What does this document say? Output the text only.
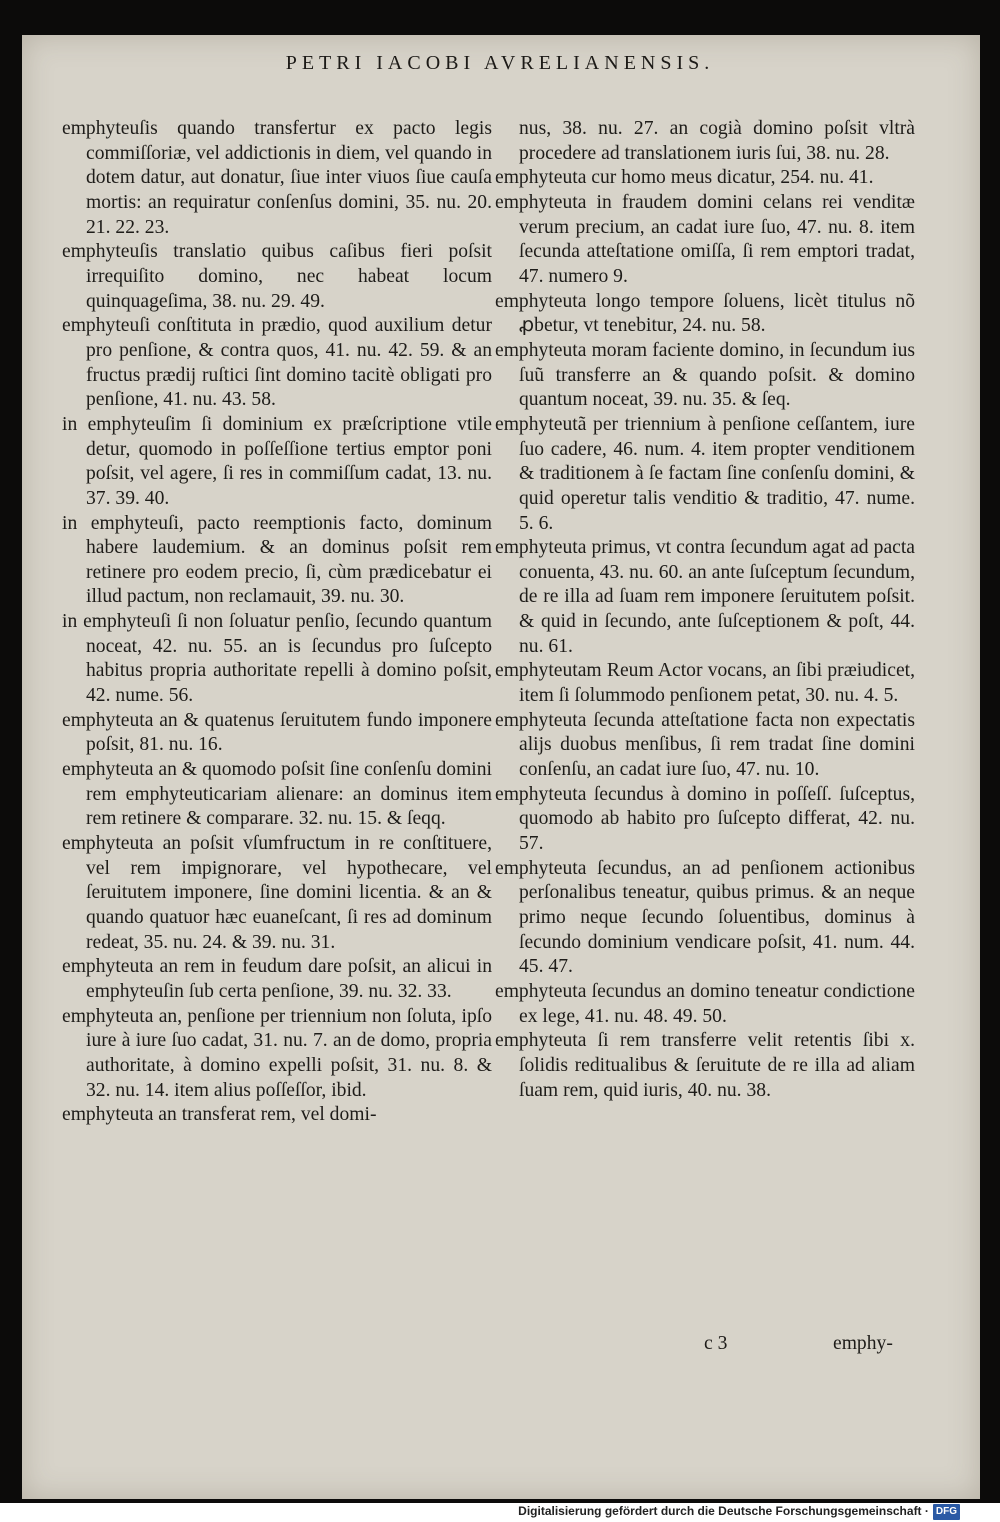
PETRI IACOBI AVRELIANENSIS.
emphyteuſis quando transfertur ex pacto legis commiſſoriæ, vel addictionis in diem, vel quando in dotem datur, aut donatur, ſiue inter viuos ſiue cauſa mortis: an requiratur conſenſus domini, 35. nu. 20. 21. 22. 23.
emphyteuſis translatio quibus caſibus fieri poſsit irrequiſito domino, nec habeat locum quinquageſima, 38. nu. 29. 49.
emphyteuſi conſtituta in prædio, quod auxilium detur pro penſione, & contra quos, 41. nu. 42. 59. & an fructus prædij ruſtici ſint domino tacitè obligati pro penſione, 41. nu. 43. 58.
in emphyteuſim ſi dominium ex præſcriptione vtile detur, quomodo in poſſeſſione tertius emptor poni poſsit, vel agere, ſi res in commiſſum cadat, 13. nu. 37. 39. 40.
in emphyteuſi, pacto reemptionis facto, dominum habere laudemium. & an dominus poſsit rem retinere pro eodem precio, ſi, cùm prædicebatur ei illud pactum, non reclamauit, 39. nu. 30.
in emphyteuſi ſi non ſoluatur penſio, ſecundo quantum noceat, 42. nu. 55. an is ſecundus pro ſuſcepto habitus propria authoritate repelli à domino poſsit, 42. nume. 56.
emphyteuta an & quatenus ſeruitutem fundo imponere poſsit, 81. nu. 16.
emphyteuta an & quomodo poſsit ſine conſenſu domini rem emphyteuticariam alienare: an dominus item rem retinere & comparare. 32. nu. 15. & ſeqq.
emphyteuta an poſsit vſumfructum in re conſtituere, vel rem impignorare, vel hypothecare, vel ſeruitutem imponere, ſine domini licentia. & an & quando quatuor hæc euaneſcant, ſi res ad dominum redeat, 35. nu. 24. & 39. nu. 31.
emphyteuta an rem in feudum dare poſsit, an alicui in emphyteuſin ſub certa penſione, 39. nu. 32. 33.
emphyteuta an, penſione per triennium non ſoluta, ipſo iure à iure ſuo cadat, 31. nu. 7. an de domo, propria authoritate, à domino expelli poſsit, 31. nu. 8. & 32. nu. 14. item alius poſſeſſor, ibid.
emphyteuta an transferat rem, vel domi-
nus, 38. nu. 27. an cogià domino poſsit vltrà procedere ad translationem iuris ſui, 38. nu. 28.
emphyteuta cur homo meus dicatur, 254. nu. 41.
emphyteuta in fraudem domini celans rei venditæ verum precium, an cadat iure ſuo, 47. nu. 8. item ſecunda atteſtatione omiſſa, ſi rem emptori tradat, 47. numero 9.
emphyteuta longo tempore ſoluens, licèt titulus nõ ꝓbetur, vt tenebitur, 24. nu. 58.
emphyteuta moram faciente domino, in ſecundum ius ſuũ transferre an & quando poſsit. & domino quantum noceat, 39. nu. 35. & ſeq.
emphyteutã per triennium à penſione ceſſantem, iure ſuo cadere, 46. num. 4. item propter venditionem & traditionem à ſe factam ſine conſenſu domini, & quid operetur talis venditio & traditio, 47. nume. 5. 6.
emphyteuta primus, vt contra ſecundum agat ad pacta conuenta, 43. nu. 60. an ante ſuſceptum ſecundum, de re illa ad ſuam rem imponere ſeruitutem poſsit. & quid in ſecundo, ante ſuſceptionem & poſt, 44. nu. 61.
emphyteutam Reum Actor vocans, an ſibi præiudicet, item ſi ſolummodo penſionem petat, 30. nu. 4. 5.
emphyteuta ſecunda atteſtatione facta non expectatis alijs duobus menſibus, ſi rem tradat ſine domini conſenſu, an cadat iure ſuo, 47. nu. 10.
emphyteuta ſecundus à domino in poſſeſſ. ſuſceptus, quomodo ab habito pro ſuſcepto differat, 42. nu. 57.
emphyteuta ſecundus, an ad penſionem actionibus perſonalibus teneatur, quibus primus. & an neque primo neque ſecundo ſoluentibus, dominus à ſecundo dominium vendicare poſsit, 41. num. 44. 45. 47.
emphyteuta ſecundus an domino teneatur condictione ex lege, 41. nu. 48. 49. 50.
emphyteuta ſi rem transferre velit retentis ſibi x. ſolidis reditualibus & ſeruitute de re illa ad aliam ſuam rem, quid iuris, 40. nu. 38.
c 3	emphy-
Digitalisierung gefördert durch die Deutsche Forschungsgemeinschaft · DFG
